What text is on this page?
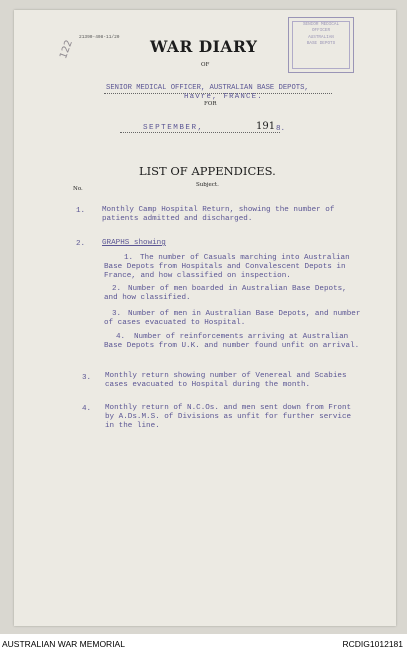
122
21390-408-11/20
SENIOR MEDICAL
OFFICER
AUSTRALIAN
BASE DEPOTS
WAR DIARY
OF
SENIOR MEDICAL OFFICER, AUSTRALIAN BASE DEPOTS,
Havre, FRANCE.
FOR
SEPTEMBER,	191 8.
LIST OF APPENDICES.
No.
Subject.
1. Monthly Camp Hospital Return, showing the number of
patients admitted and discharged.
2. GRAPHS showing
1. The number of Casuals marching into Australian
Base Depots from Hospitals and Convalescent Depots in
France, and how classified on inspection.
2. Number of men boarded in Australian Base Depots,
and how classified.
3. Number of men in Australian Base Depots, and number
of cases evacuated to Hospital.
4. Number of reinforcements arriving at Australian
Base Depots from U.K. and number found unfit on arrival.
3. Monthly return showing number of Venereal and Scabies
cases evacuated to Hospital during the month.
4. Monthly return of N.C.Os. and men sent down from Front
by A.Ds.M.S. of Divisions as unfit for further service
in the line.
AUSTRALIAN WAR MEMORIAL	RCDIG1012181
